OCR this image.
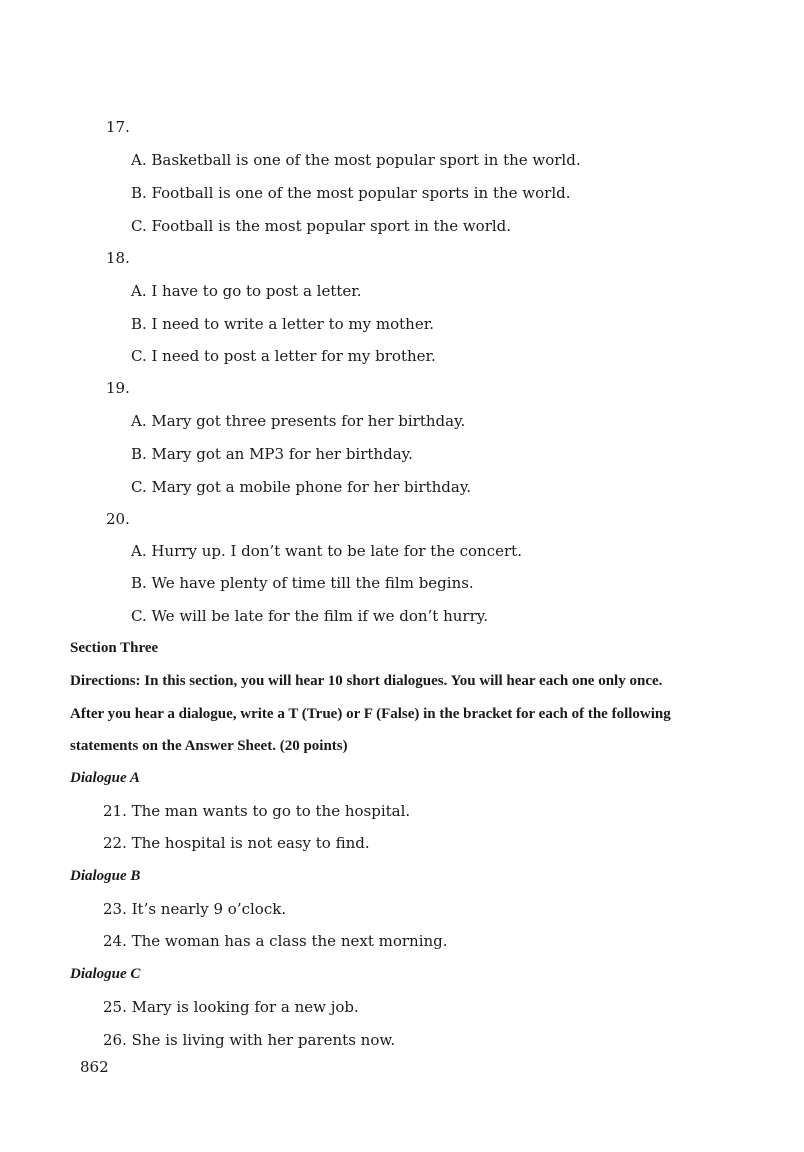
17.
A. Basketball is one of the most popular sport in the world.
B. Football is one of the most popular sports in the world.
C. Football is the most popular sport in the world.
18.
A. I have to go to post a letter.
B. I need to write a letter to my mother.
C. I need to post a letter for my brother.
19.
A. Mary got three presents for her birthday.
B. Mary got an MP3 for her birthday.
C. Mary got a mobile phone for her birthday.
20.
A. Hurry up. I don’t want to be late for the concert.
B. We have plenty of time till the film begins.
C. We will be late for the film if we don’t hurry.
Section Three
Directions: In this section, you will hear 10 short dialogues. You will hear each one only once.
After you hear a dialogue, write a T (True) or F (False) in the bracket for each of the following
statements on the Answer Sheet. (20 points)
Dialogue A
21. The man wants to go to the hospital.
22. The hospital is not easy to find.
Dialogue B
23. It’s nearly 9 o’clock.
24. The woman has a class the next morning.
Dialogue C
25. Mary is looking for a new job.
26. She is living with her parents now.
862
